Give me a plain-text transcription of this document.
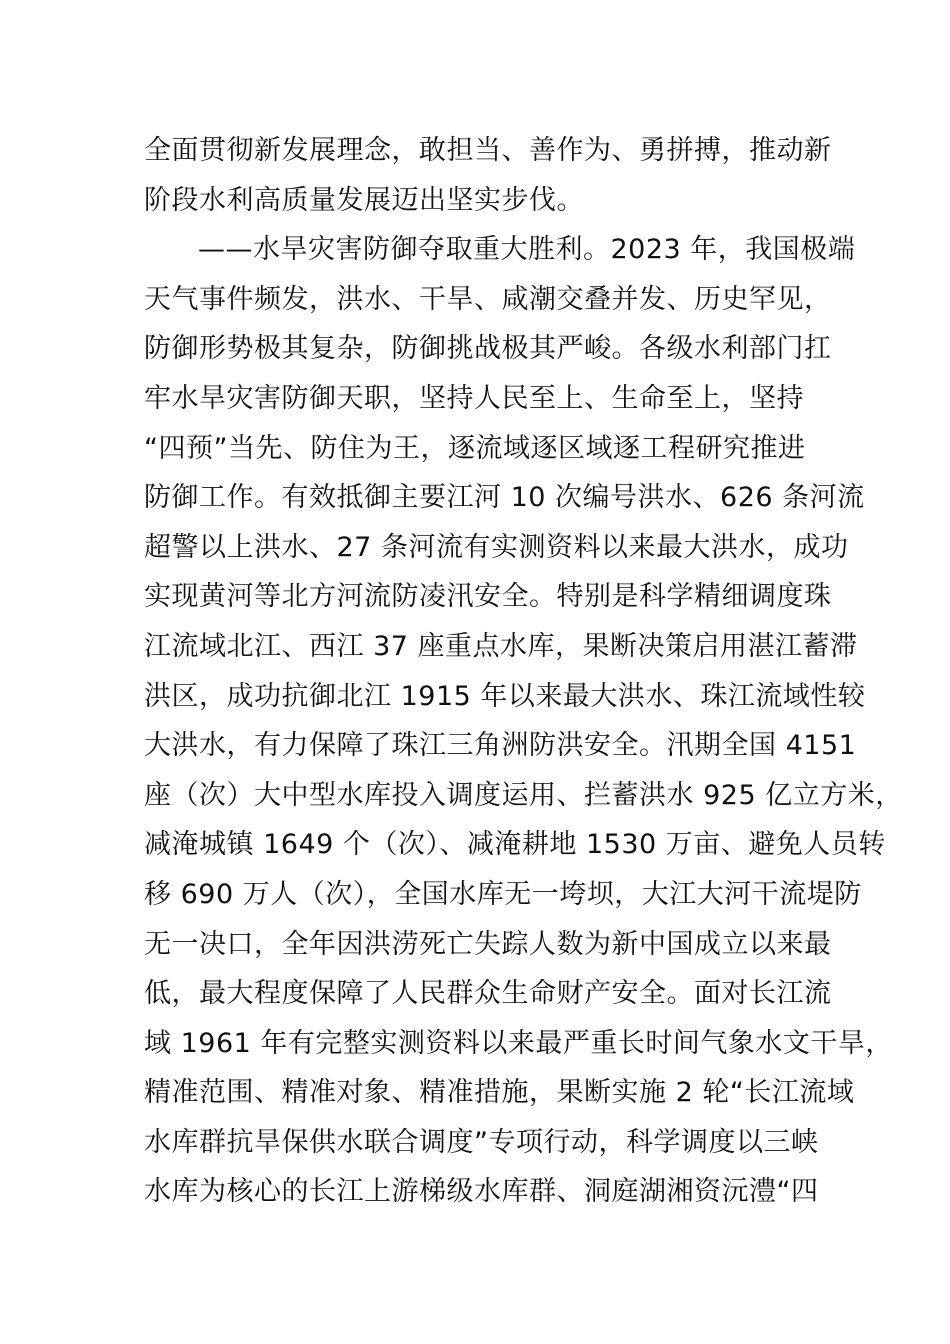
全面贯彻新发展理念，敢担当、善作为、勇拼搏，推动新
阶段水利高质量发展迈出坚实步伐。
——水旱灾害防御夺取重大胜利。2023 年，我国极端
天气事件频发，洪水、干旱、咸潮交叠并发、历史罕见，
防御形势极其复杂，防御挑战极其严峻。各级水利部门扛
牢水旱灾害防御天职，坚持人民至上、生命至上，坚持
“四预”当先、防住为王，逐流域逐区域逐工程研究推进
防御工作。有效抵御主要江河 10 次编号洪水、626 条河流
超警以上洪水、27 条河流有实测资料以来最大洪水，成功
实现黄河等北方河流防凌汛安全。特别是科学精细调度珠
江流域北江、西江 37 座重点水库，果断决策启用湛江蓄滞
洪区，成功抗御北江 1915 年以来最大洪水、珠江流域性较
大洪水，有力保障了珠江三角洲防洪安全。汛期全国 4151
座（次）大中型水库投入调度运用、拦蓄洪水 925 亿立方米，
减淹城镇 1649 个（次）、减淹耕地 1530 万亩、避免人员转
移 690 万人（次），全国水库无一垮坝，大江大河干流堤防
无一决口，全年因洪涝死亡失踪人数为新中国成立以来最
低，最大程度保障了人民群众生命财产安全。面对长江流
域 1961 年有完整实测资料以来最严重长时间气象水文干旱，
精准范围、精准对象、精准措施，果断实施 2 轮“长江流域
水库群抗旱保供水联合调度”专项行动，科学调度以三峡
水库为核心的长江上游梯级水库群、洞庭湖湘资沅澧“四
